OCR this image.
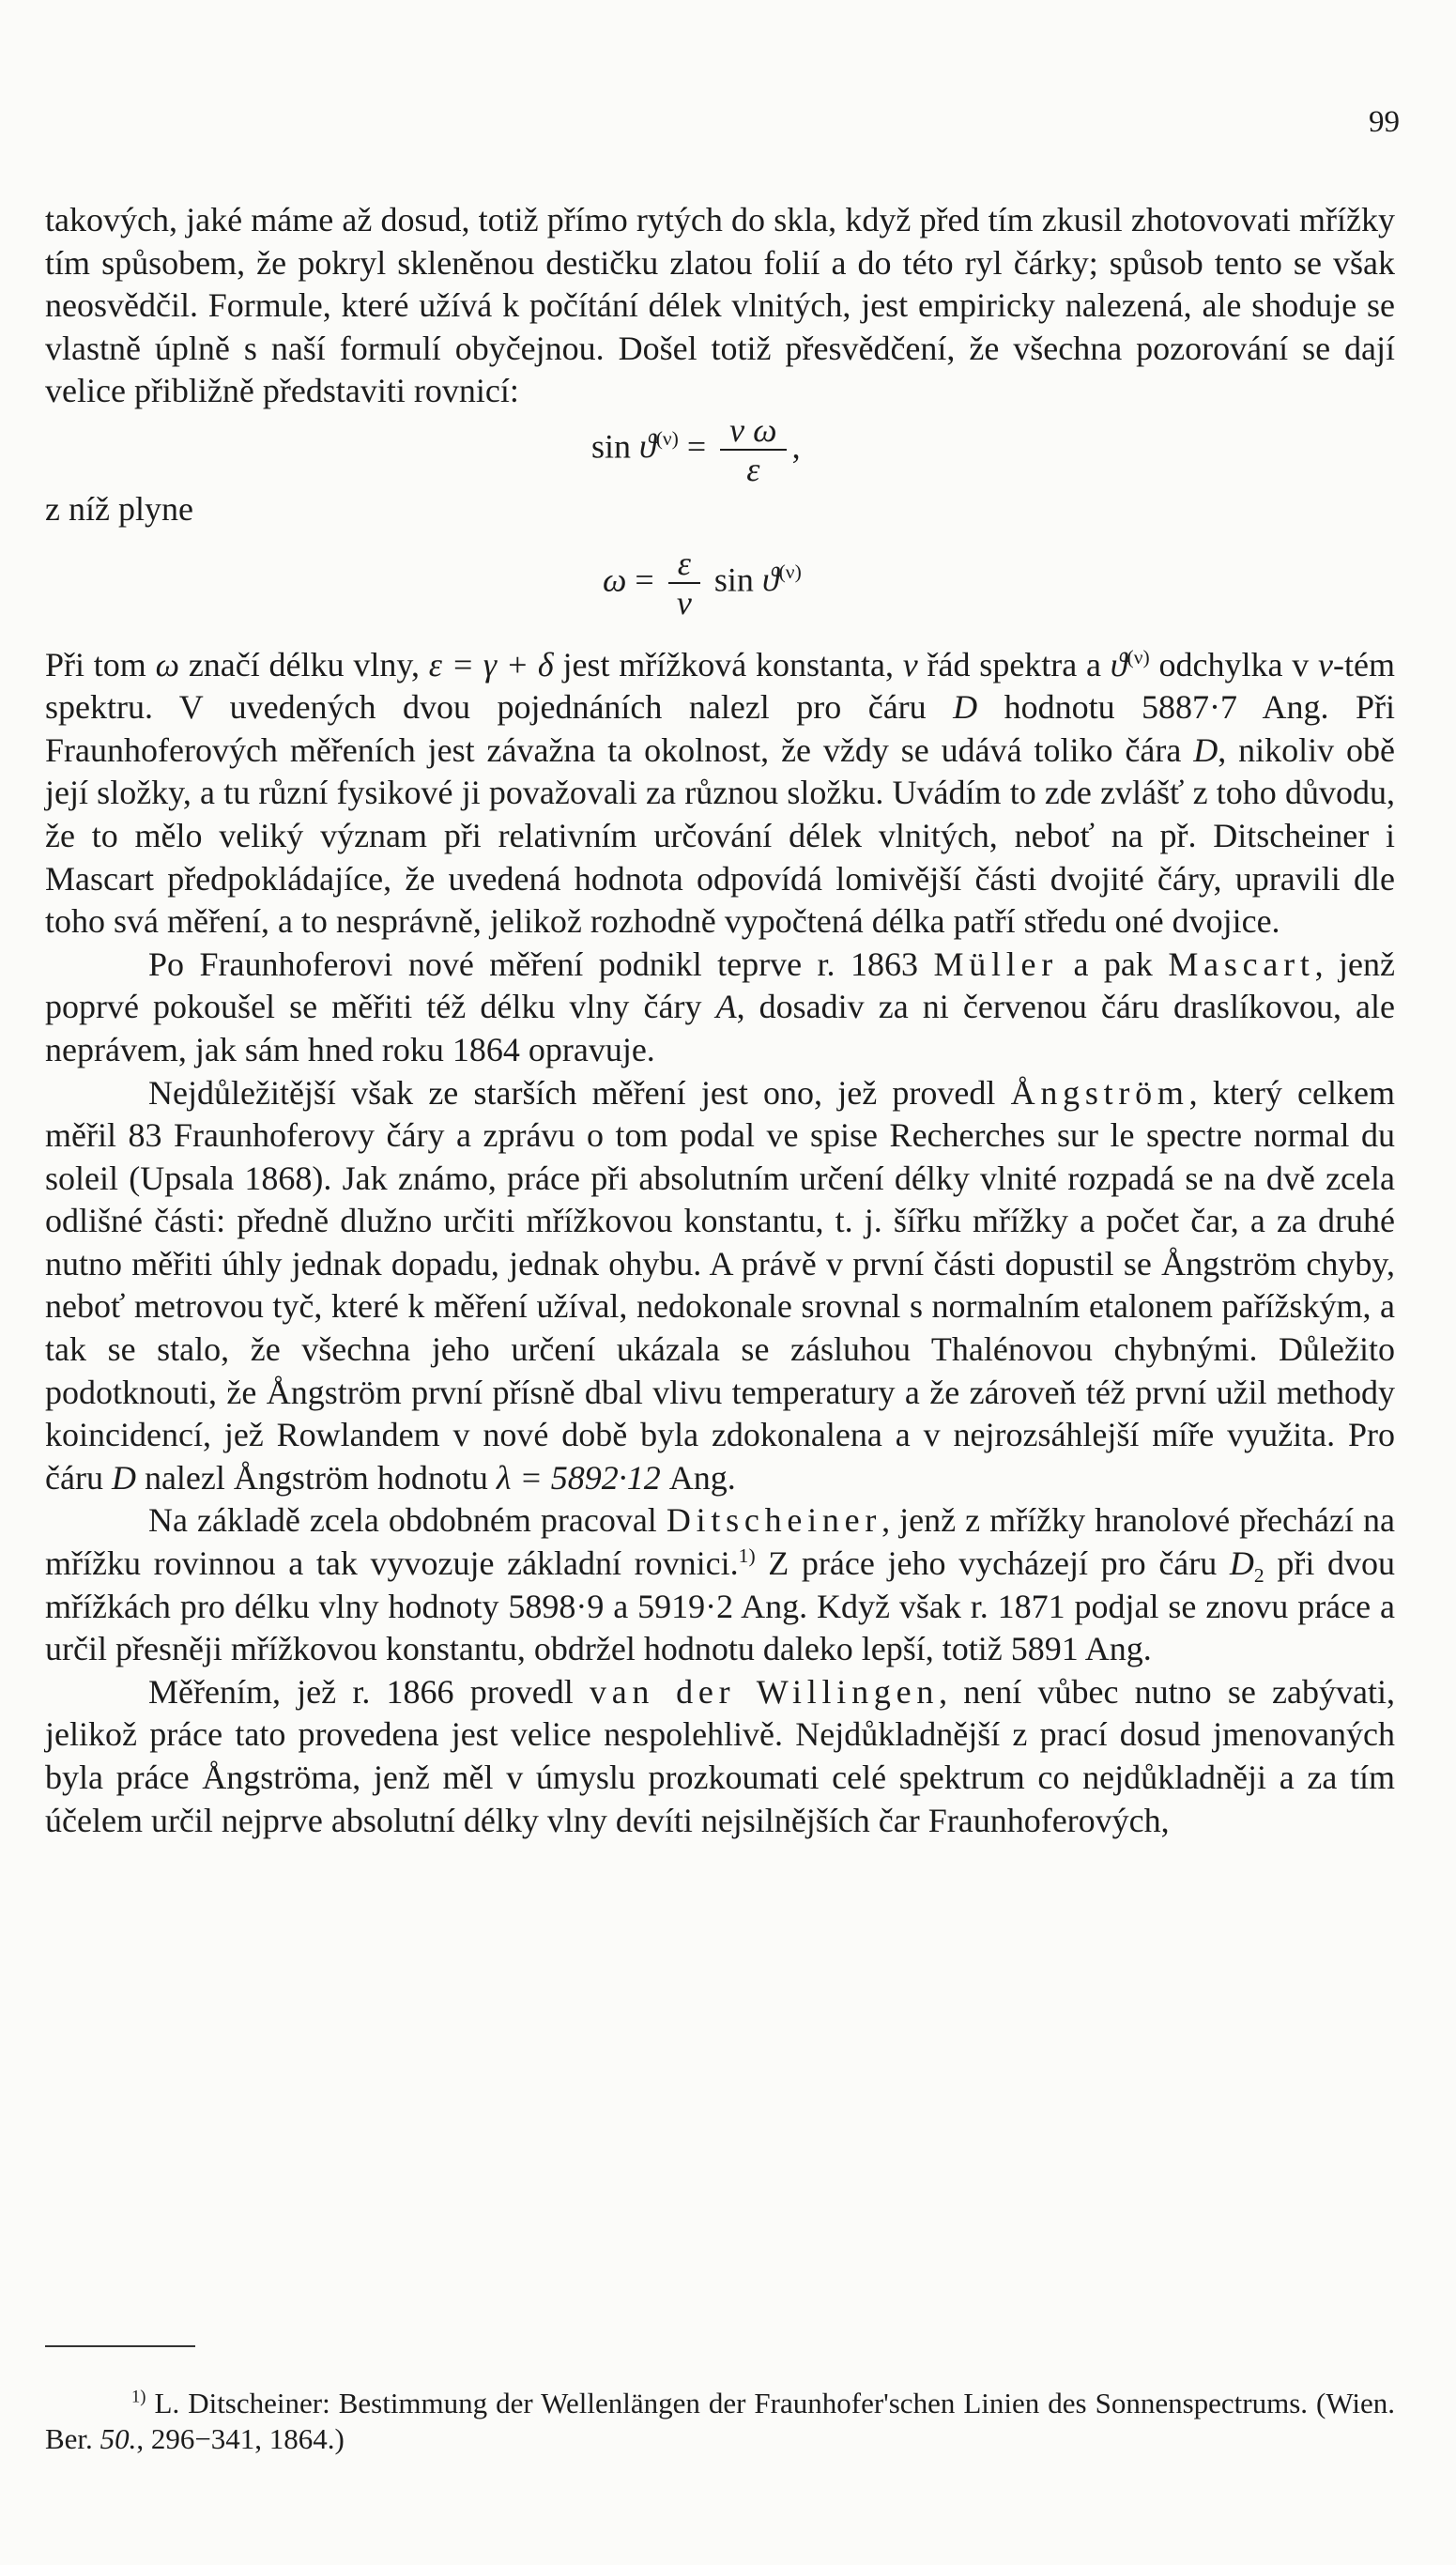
99

takových, jaké máme až dosud, totiž přímo rytých do skla, když před tím zkusil zhotovovati mřížky tím spůsobem, že pokryl skleněnou destičku zlatou folií a do této ryl čárky; spůsob tento se však neosvědčil. Formule, které užívá k počítání délek vlnitých, jest empiricky nalezená, ale shoduje se vlastně úplně s naší formulí obyčejnou. Došel totiž přesvědčení, že všechna pozorování se dají velice přibližně představiti rovnicí:

$\sin ϑ^{(\nu)} = \frac{\text{ν ω}}{\varepsilon}$ ,

z níž plyne

$\omega = \frac{\varepsilon}{\nu}$ $\sin ϑ^{(\nu)}$

Při tom ω značí délku vlny, ε = γ + δ jest mřížková konstanta, ν řád spektra a $ϑ^{(\nu)}$ odchylka v ν-tém spektru. V uvedených dvou pojednáních nalezl pro čáru D hodnotu 5887·7 Ang. Při Fraunhoferových měřeních jest závažna ta okolnost, že vždy se udává toliko čára D, nikoliv obě její složky, a tu různí fysikové ji považovali za různou složku. Uvádím to zde zvlášť z toho důvodu, že to mělo veliký význam při relativním určování délek vlnitých, neboť na př. Ditscheiner i Mascart předpokládajíce, že uvedená hodnota odpovídá lomivější části dvojité čáry, upravili dle toho svá měření, a to nesprávně, jelikož rozhodně vypočtená délka patří středu oné dvojice.

Po Fraunhoferovi nové měření podnikl teprve r. 1863 Müller a pak Mascart, jenž poprvé pokoušel se měřiti též délku vlny čáry A, dosadiv za ni červenou čáru draslíkovou, ale neprávem, jak sám hned roku 1864 opravuje.

Nejdůležitější však ze starších měření jest ono, jež provedl Ångström, který celkem měřil 83 Fraunhoferovy čáry a zprávu o tom podal ve spise Recherches sur le spectre normal du soleil (Upsala 1868). Jak známo, práce při absolutním určení délky vlnité rozpadá se na dvě zcela odlišné části: předně dlužno určiti mřížkovou konstantu, t. j. šířku mřížky a počet čar, a za druhé nutno měřiti úhly jednak dopadu, jednak ohybu. A právě v první části dopustil se Ångström chyby, neboť metrovou tyč, které k měření užíval, nedokonale srovnal s normalním etalonem pařížským, a tak se stalo, že všechna jeho určení ukázala se zásluhou Thalénovou chybnými. Důležito podotknouti, že Ångström první přísně dbal vlivu temperatury a že zároveň též první užil methody koincidencí, jež Rowlandem v nové době byla zdokonalena a v nejrozsáhlejší míře využita. Pro čáru D nalezl Ångström hodnotu λ = 5892·12 Ang.

Na základě zcela obdobném pracoval Ditscheiner, jenž z mřížky hranolové přechází na mřížku rovinnou a tak vyvozuje základní rovnici.$^{1)}$ Z práce jeho vycházejí pro čáru $D_2$ při dvou mřížkách pro délku vlny hodnoty 5898·9 a 5919·2 Ang. Když však r. 1871 podjal se znovu práce a určil přesněji mřížkovou konstantu, obdržel hodnotu daleko lepší, totiž 5891 Ang.

Měřením, jež r. 1866 provedl van der Willingen, není vůbec nutno se zabývati, jelikož práce tato provedena jest velice nespolehlivě. Nejdůkladnější z prací dosud jmenovaných byla práce Ångströma, jenž měl v úmyslu prozkoumati celé spektrum co nejdůkladněji a za tím účelem určil nejprve absolutní délky vlny devíti nejsilnějších čar Fraunhoferových,

$^{1)}$ L. Ditscheiner: Bestimmung der Wellenlängen der Fraunhofer'schen Linien des Sonnenspectrums. (Wien. Ber. 50., 296−341, 1864.)
